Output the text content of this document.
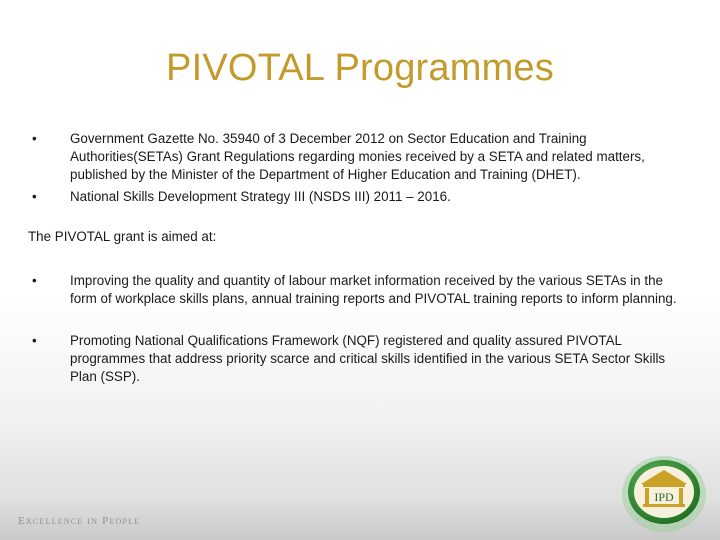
PIVOTAL Programmes
• Government Gazette No. 35940 of 3 December 2012 on Sector Education and Training Authorities(SETAs) Grant Regulations regarding monies received by a SETA and related matters, published by the Minister of the Department of Higher Education and Training (DHET).
• National Skills Development Strategy III (NSDS III) 2011 – 2016.
The PIVOTAL grant is aimed at:
• Improving the quality and quantity of labour market information received by the various SETAs in the form of workplace skills plans, annual training reports and PIVOTAL training reports to inform planning.
• Promoting National Qualifications Framework (NQF) registered and quality assured PIVOTAL programmes that address priority scarce and critical skills identified in the various SETA Sector Skills Plan (SSP).
Excellence in People
IPD
